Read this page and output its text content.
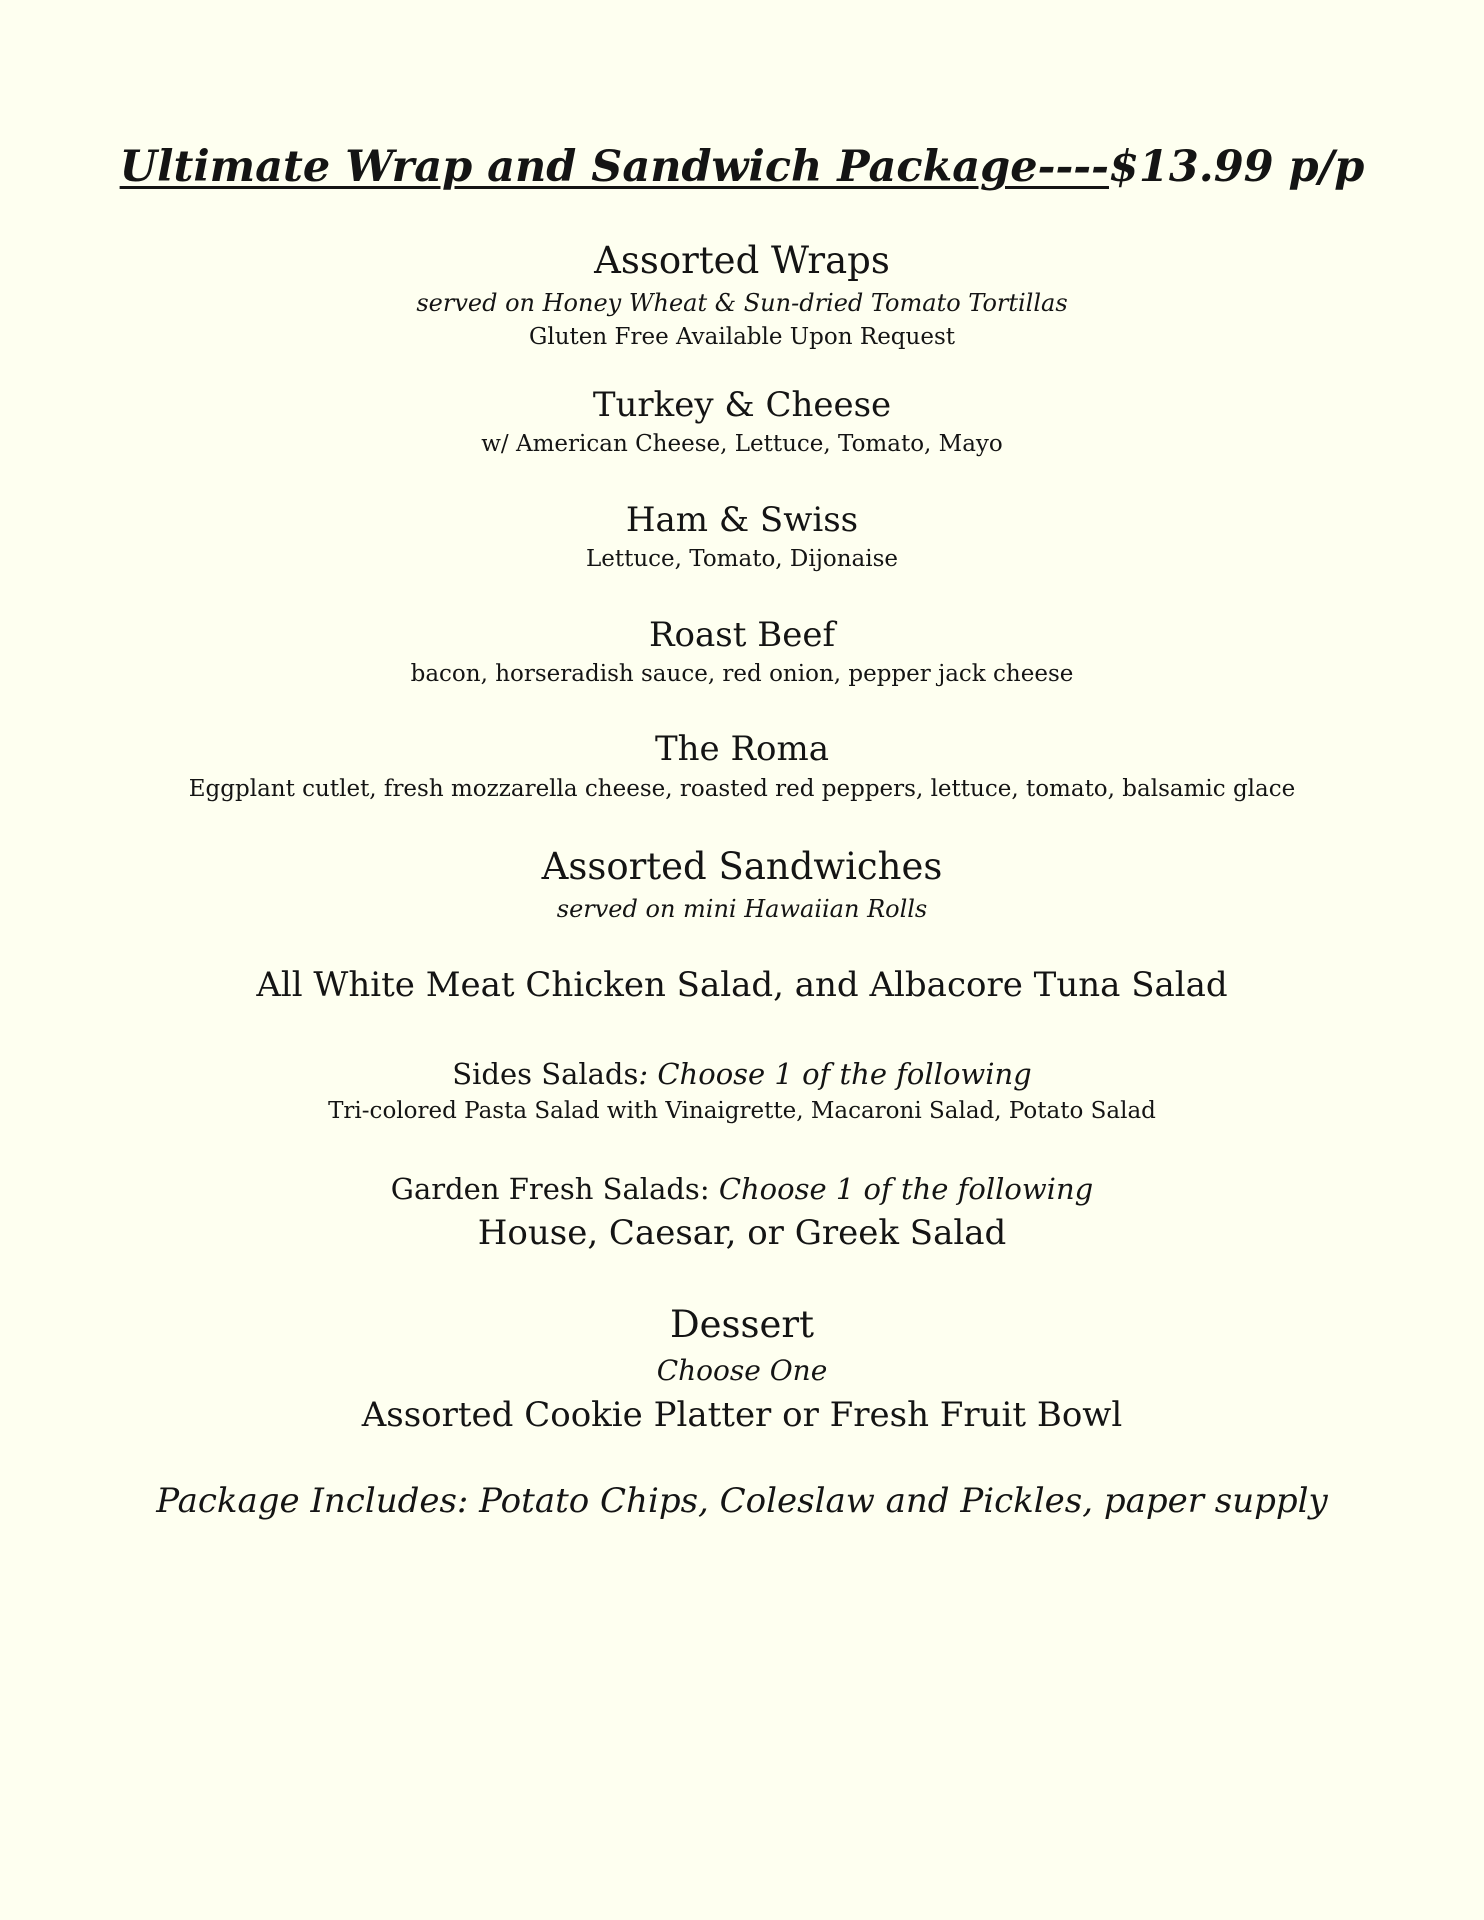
Ultimate Wrap and Sandwich Package----$13.99 p/p
Assorted Wraps
served on Honey Wheat & Sun-dried Tomato Tortillas
Gluten Free Available Upon Request
Turkey & Cheese
w/ American Cheese, Lettuce, Tomato, Mayo
Ham & Swiss
Lettuce, Tomato, Dijonaise
Roast Beef
bacon, horseradish sauce, red onion, pepper jack cheese
The Roma
Eggplant cutlet, fresh mozzarella cheese, roasted red peppers, lettuce, tomato, balsamic glace
Assorted Sandwiches
served on mini Hawaiian Rolls
All White Meat Chicken Salad, and Albacore Tuna Salad
Sides Salads: Choose 1 of the following
Tri-colored Pasta Salad with Vinaigrette, Macaroni Salad, Potato Salad
Garden Fresh Salads: Choose 1 of the following
House, Caesar, or Greek Salad
Dessert
Choose One
Assorted Cookie Platter or Fresh Fruit Bowl
Package Includes: Potato Chips, Coleslaw and Pickles, paper supply
